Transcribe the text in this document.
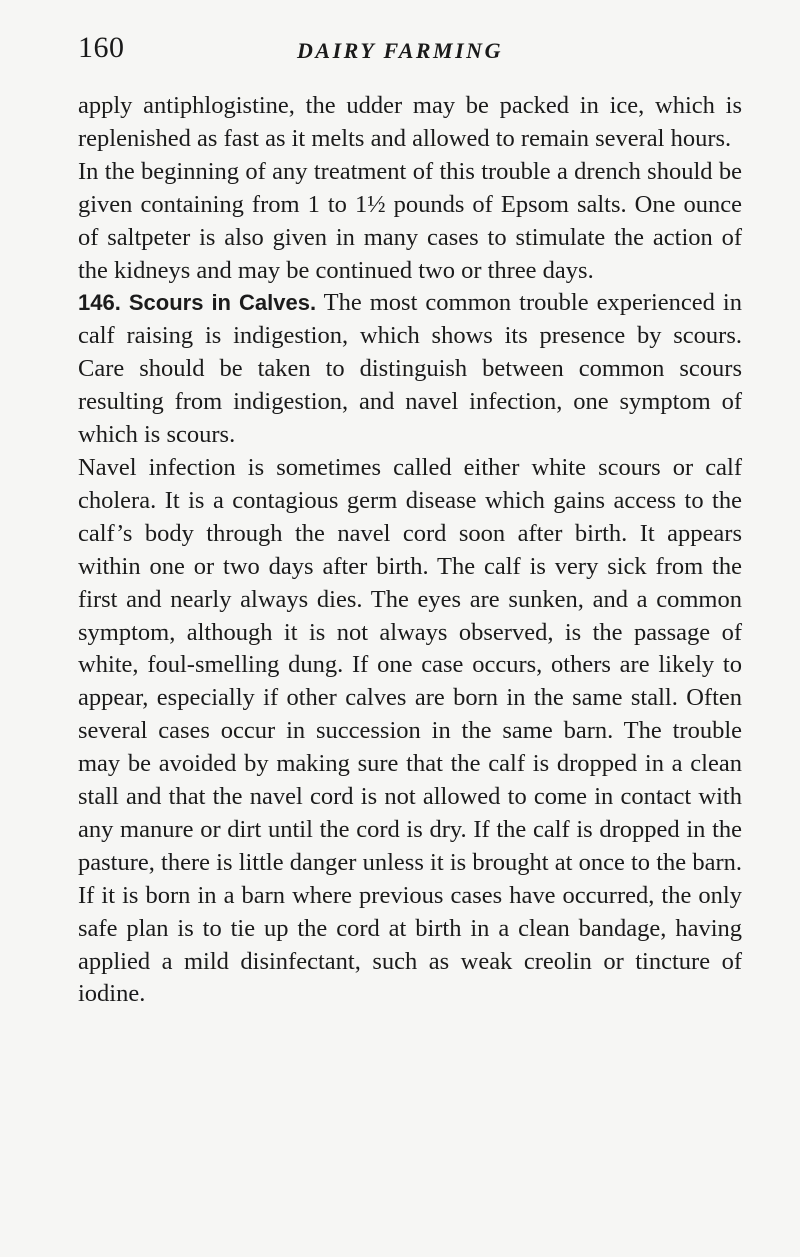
160	DAIRY FARMING

apply antiphlogistine, the udder may be packed in ice, which is replenished as fast as it melts and allowed to remain several hours.

In the beginning of any treatment of this trouble a drench should be given containing from 1 to 1½ pounds of Epsom salts. One ounce of saltpeter is also given in many cases to stimulate the action of the kidneys and may be continued two or three days.

146. Scours in Calves. The most common trouble experienced in calf raising is indigestion, which shows its presence by scours. Care should be taken to distinguish between common scours resulting from indigestion, and navel infection, one symptom of which is scours.

Navel infection is sometimes called either white scours or calf cholera. It is a contagious germ disease which gains access to the calf’s body through the navel cord soon after birth. It appears within one or two days after birth. The calf is very sick from the first and nearly always dies. The eyes are sunken, and a common symptom, although it is not always observed, is the passage of white, foul-smelling dung. If one case occurs, others are likely to appear, especially if other calves are born in the same stall. Often several cases occur in succession in the same barn. The trouble may be avoided by making sure that the calf is dropped in a clean stall and that the navel cord is not allowed to come in contact with any manure or dirt until the cord is dry. If the calf is dropped in the pasture, there is little danger unless it is brought at once to the barn. If it is born in a barn where previous cases have occurred, the only safe plan is to tie up the cord at birth in a clean bandage, having applied a mild disinfectant, such as weak creolin or tincture of iodine.
